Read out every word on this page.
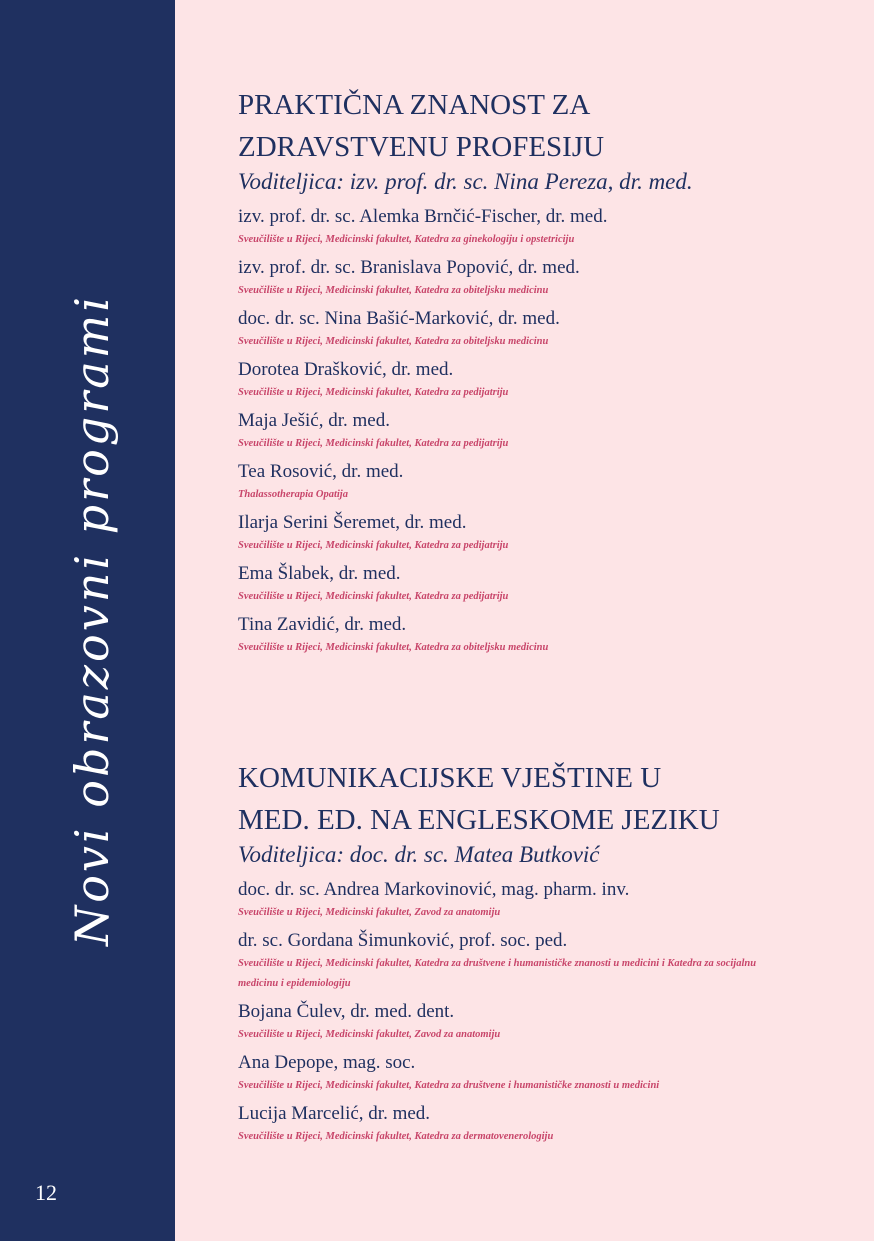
Novi obrazovni programi
12
PRAKTIČNA ZNANOST ZA
ZDRAVSTVENU PROFESIJU
Voditeljica: izv. prof. dr. sc. Nina Pereza, dr. med.
izv. prof. dr. sc. Alemka Brnčić-Fischer, dr. med.
Sveučilište u Rijeci, Medicinski fakultet, Katedra za ginekologiju i opstetriciju
izv. prof. dr. sc. Branislava Popović, dr. med.
Sveučilište u Rijeci, Medicinski fakultet, Katedra za obiteljsku medicinu
doc. dr. sc. Nina Bašić-Marković, dr. med.
Sveučilište u Rijeci, Medicinski fakultet, Katedra za obiteljsku medicinu
Dorotea Drašković, dr. med.
Sveučilište u Rijeci, Medicinski fakultet, Katedra za pedijatriju
Maja Ješić, dr. med.
Sveučilište u Rijeci, Medicinski fakultet, Katedra za pedijatriju
Tea Rosović, dr. med.
Thalassotherapia Opatija
Ilarja Serini Šeremet, dr. med.
Sveučilište u Rijeci, Medicinski fakultet, Katedra za pedijatriju
Ema Šlabek, dr. med.
Sveučilište u Rijeci, Medicinski fakultet, Katedra za pedijatriju
Tina Zavidić, dr. med.
Sveučilište u Rijeci, Medicinski fakultet, Katedra za obiteljsku medicinu
KOMUNIKACIJSKE VJEŠTINE U
MED. ED. NA ENGLESKOME JEZIKU
Voditeljica: doc. dr. sc. Matea Butković
doc. dr. sc. Andrea Markovinović, mag. pharm. inv.
Sveučilište u Rijeci, Medicinski fakultet, Zavod za anatomiju
dr. sc. Gordana Šimunković, prof. soc. ped.
Sveučilište u Rijeci, Medicinski fakultet, Katedra za društvene i humanističke znanosti u medicini i Katedra za socijalnu medicinu i epidemiologiju
Bojana Čulev, dr. med. dent.
Sveučilište u Rijeci, Medicinski fakultet, Zavod za anatomiju
Ana Depope, mag. soc.
Sveučilište u Rijeci, Medicinski fakultet, Katedra za društvene i humanističke znanosti u medicini
Lucija Marcelić, dr. med.
Sveučilište u Rijeci, Medicinski fakultet, Katedra za dermatovenerologiju
